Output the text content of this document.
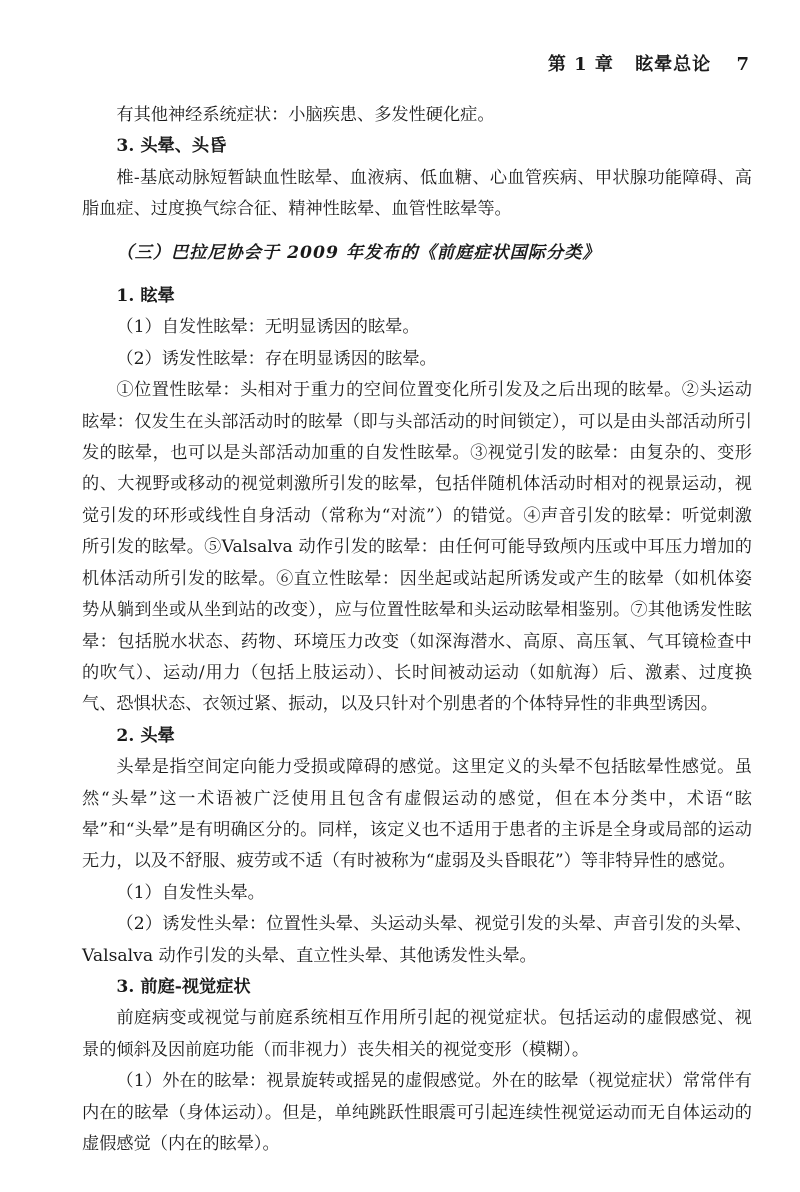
第 1 章 眩晕总论 7

有其他神经系统症状：小脑疾患、多发性硬化症。

3. 头晕、头昏

椎-基底动脉短暂缺血性眩晕、血液病、低血糖、心血管疾病、甲状腺功能障碍、高脂血症、过度换气综合征、精神性眩晕、血管性眩晕等。

（三）巴拉尼协会于 2009 年发布的《前庭症状国际分类》

1. 眩晕

（1）自发性眩晕：无明显诱因的眩晕。

（2）诱发性眩晕：存在明显诱因的眩晕。

①位置性眩晕：头相对于重力的空间位置变化所引发及之后出现的眩晕。②头运动眩晕：仅发生在头部活动时的眩晕（即与头部活动的时间锁定），可以是由头部活动所引发的眩晕，也可以是头部活动加重的自发性眩晕。③视觉引发的眩晕：由复杂的、变形的、大视野或移动的视觉刺激所引发的眩晕，包括伴随机体活动时相对的视景运动，视觉引发的环形或线性自身活动（常称为“对流”）的错觉。④声音引发的眩晕：听觉刺激所引发的眩晕。⑤Valsalva 动作引发的眩晕：由任何可能导致颅内压或中耳压力增加的机体活动所引发的眩晕。⑥直立性眩晕：因坐起或站起所诱发或产生的眩晕（如机体姿势从躺到坐或从坐到站的改变），应与位置性眩晕和头运动眩晕相鉴别。⑦其他诱发性眩晕：包括脱水状态、药物、环境压力改变（如深海潜水、高原、高压氧、气耳镜检查中的吹气）、运动/用力（包括上肢运动）、长时间被动运动（如航海）后、激素、过度换气、恐惧状态、衣领过紧、振动，以及只针对个别患者的个体特异性的非典型诱因。

2. 头晕

头晕是指空间定向能力受损或障碍的感觉。这里定义的头晕不包括眩晕性感觉。虽然“头晕”这一术语被广泛使用且包含有虚假运动的感觉，但在本分类中，术语“眩晕”和“头晕”是有明确区分的。同样，该定义也不适用于患者的主诉是全身或局部的运动无力，以及不舒服、疲劳或不适（有时被称为“虚弱及头昏眼花”）等非特异性的感觉。

（1）自发性头晕。

（2）诱发性头晕：位置性头晕、头运动头晕、视觉引发的头晕、声音引发的头晕、Valsalva 动作引发的头晕、直立性头晕、其他诱发性头晕。

3. 前庭-视觉症状

前庭病变或视觉与前庭系统相互作用所引起的视觉症状。包括运动的虚假感觉、视景的倾斜及因前庭功能（而非视力）丧失相关的视觉变形（模糊）。

（1）外在的眩晕：视景旋转或摇晃的虚假感觉。外在的眩晕（视觉症状）常常伴有内在的眩晕（身体运动）。但是，单纯跳跃性眼震可引起连续性视觉运动而无自体运动的虚假感觉（内在的眩晕）。
